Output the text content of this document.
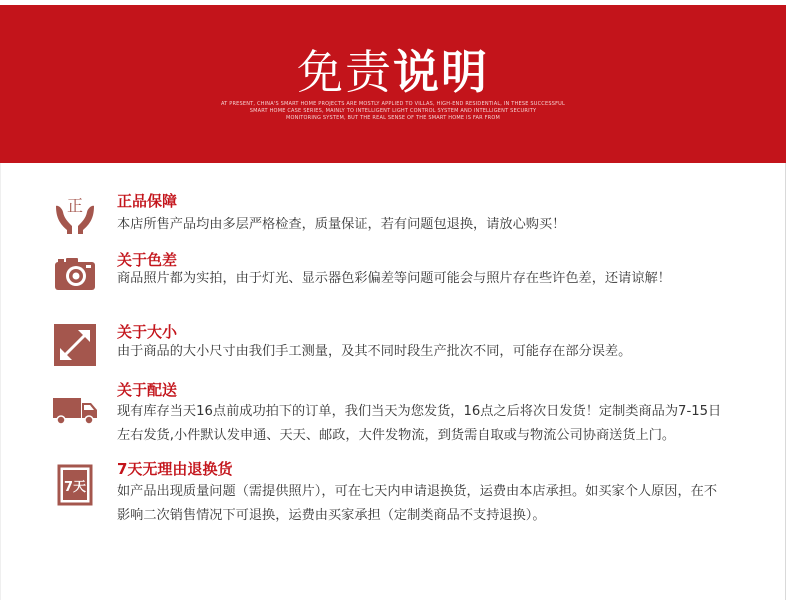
免责说明
AT PRESENT, CHINA'S SMART HOME PROJECTS ARE MOSTLY APPLIED TO VILLAS, HIGH-END RESIDENTIAL, IN THESE SUCCESSFUL
SMART HOME CASE SERIES, MAINLY TO INTELLIGENT LIGHT CONTROL SYSTEM AND INTELLIGENT SECURITY
MONITORING SYSTEM, BUT THE REAL SENSE OF THE SMART HOME IS FAR FROM
正 正品保障
本店所售产品均由多层严格检查，质量保证，若有问题包退换，请放心购买！
关于色差
商品照片都为实拍，由于灯光、显示器色彩偏差等问题可能会与照片存在些许色差，还请谅解！
关于大小
由于商品的大小尺寸由我们手工测量，及其不同时段生产批次不同，可能存在部分误差。
关于配送
现有库存当天16点前成功拍下的订单，我们当天为您发货，16点之后将次日发货！定制类商品为7-15日
左右发货,小件默认发申通、天天、邮政，大件发物流，到货需自取或与物流公司协商送货上门。
7天
7天无理由退换货
如产品出现质量问题（需提供照片），可在七天内申请退换货，运费由本店承担。如买家个人原因，在不
影响二次销售情况下可退换，运费由买家承担（定制类商品不支持退换）。
